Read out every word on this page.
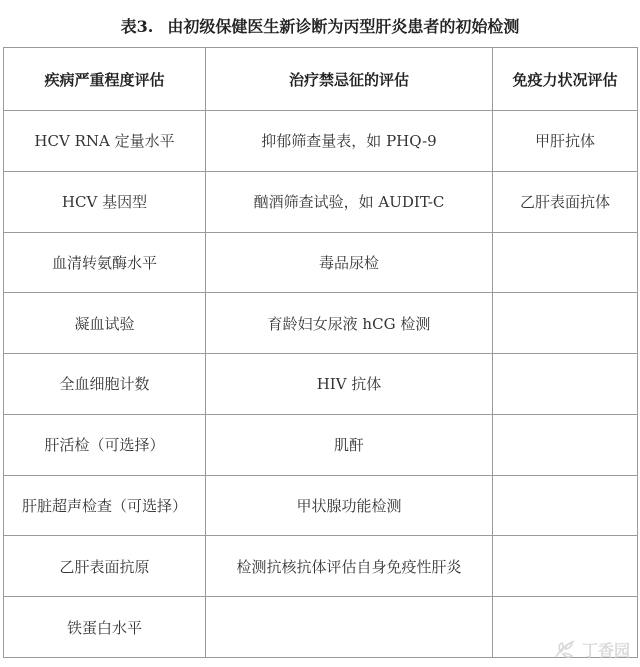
表3. 由初级保健医生新诊断为丙型肝炎患者的初始检测
疾病严重程度评估	治疗禁忌征的评估	免疫力状况评估
HCV RNA 定量水平	抑郁筛查量表，如 PHQ-9	甲肝抗体
HCV 基因型	酗酒筛查试验，如 AUDIT-C	乙肝表面抗体
血清转氨酶水平	毒品尿检	
凝血试验	育龄妇女尿液 hCG 检测	
全血细胞计数	HIV 抗体	
肝活检（可选择）	肌酐	
肝脏超声检查（可选择）	甲状腺功能检测	
乙肝表面抗原	检测抗核抗体评估自身免疫性肝炎	
铁蛋白水平		
丁香园
